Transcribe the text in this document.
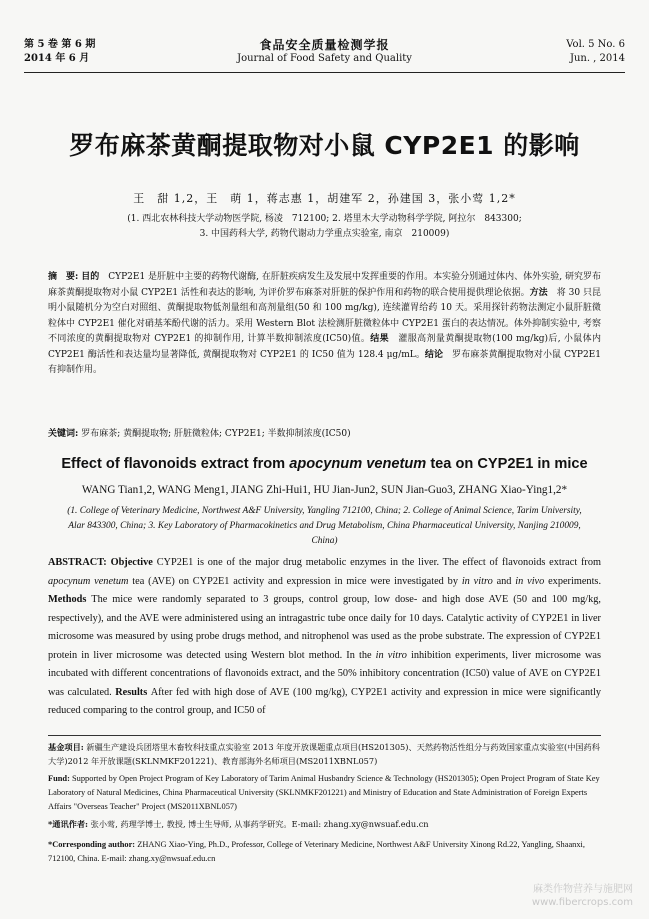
第 5 卷 第 6 期
2014 年 6 月
食品安全质量检测学报
Journal of Food Safety and Quality
Vol. 5 No. 6
Jun. , 2014
罗布麻茶黄酮提取物对小鼠 CYP2E1 的影响
王　甜 1,2，王　萌 1，蒋志惠 1，胡建军 2，孙建国 3，张小莺 1,2*
(1. 西北农林科技大学动物医学院, 杨凌　712100; 2. 塔里木大学动物科学学院, 阿拉尔　843300;
3. 中国药科大学, 药物代谢动力学重点实验室, 南京　210009)
摘　要: 目的　CYP2E1 是肝脏中主要的药物代谢酶, 在肝脏疾病发生及发展中发挥重要的作用。本实验分别通过体内、体外实验, 研究罗布麻茶黄酮提取物对小鼠 CYP2E1 活性和表达的影响, 为评价罗布麻茶对肝脏的保护作用和药物的联合使用提供理论依据。方法　将 30 只昆明小鼠随机分为空白对照组、黄酮提取物低剂量组和高剂量组(50 和 100 mg/kg), 连续灌胃给药 10 天。采用探针药物法测定小鼠肝脏微粒体中 CYP2E1 催化对硝基苯酚代谢的活力。采用 Western Blot 法检测肝脏微粒体中 CYP2E1 蛋白的表达情况。体外抑制实验中, 考察不同浓度的黄酮提取物对 CYP2E1 的抑制作用, 计算半数抑制浓度(IC50)值。结果　灌服高剂量黄酮提取物(100 mg/kg)后, 小鼠体内 CYP2E1 酶活性和表达量均显著降低, 黄酮提取物对 CYP2E1 的 IC50 值为 128.4 μg/mL。结论　罗布麻茶黄酮提取物对小鼠 CYP2E1 有抑制作用。
关键词: 罗布麻茶; 黄酮提取物; 肝脏微粒体; CYP2E1; 半数抑制浓度(IC50)
Effect of flavonoids extract from apocynum venetum tea on CYP2E1 in mice
WANG Tian1,2, WANG Meng1, JIANG Zhi-Hui1, HU Jian-Jun2, SUN Jian-Guo3, ZHANG Xiao-Ying1,2*
(1. College of Veterinary Medicine, Northwest A&F University, Yangling 712100, China; 2. College of Animal Science, Tarim University, Alar 843300, China; 3. Key Laboratory of Pharmacokinetics and Drug Metabolism, China Pharmaceutical University, Nanjing 210009, China)
ABSTRACT: Objective CYP2E1 is one of the major drug metabolic enzymes in the liver. The effect of flavonoids extract from apocynum venetum tea (AVE) on CYP2E1 activity and expression in mice were investigated by in vitro and in vivo experiments. Methods The mice were randomly separated to 3 groups, control group, low dose- and high dose AVE (50 and 100 mg/kg, respectively), and the AVE were administered using an intragastric tube once daily for 10 days. Catalytic activity of CYP2E1 in liver microsome was measured by using probe drugs method, and nitrophenol was used as the probe substrate. The expression of CYP2E1 protein in liver microsome was detected using Western blot method. In the in vitro inhibition experiments, liver microsome was incubated with different concentrations of flavonoids extract, and the 50% inhibitory concentration (IC50) value of AVE on CYP2E1 was calculated. Results After fed with high dose of AVE (100 mg/kg), CYP2E1 activity and expression in mice were significantly reduced comparing to the control group, and IC50 of
基金项目: 新疆生产建设兵团塔里木畜牧科技重点实验室 2013 年度开放课题重点项目(HS201305)、天然药物活性组分与药效国家重点实验室(中国药科大学)2012 年开放课题(SKLNMKF201221)、教育部海外名师项目(MS2011XBNL057)
Fund: Supported by Open Project Program of Key Laboratory of Tarim Animal Husbandry Science & Technology (HS201305); Open Project Program of State Key Laboratory of Natural Medicines, China Pharmaceutical University (SKLNMKF201221) and Ministry of Education and State Administration of Foreign Experts Affairs "Overseas Teacher" Project (MS2011XBNL057)
*通讯作者: 张小莺, 药理学博士, 教授, 博士生导师, 从事药学研究。E-mail: zhang.xy@nwsuaf.edu.cn
*Corresponding author: ZHANG Xiao-Ying, Ph.D., Professor, College of Veterinary Medicine, Northwest A&F University Xinong Rd.22, Yangling, Shaanxi, 712100, China. E-mail: zhang.xy@nwsuaf.edu.cn
麻类作物营养与施肥网
www.fibercrops.com
